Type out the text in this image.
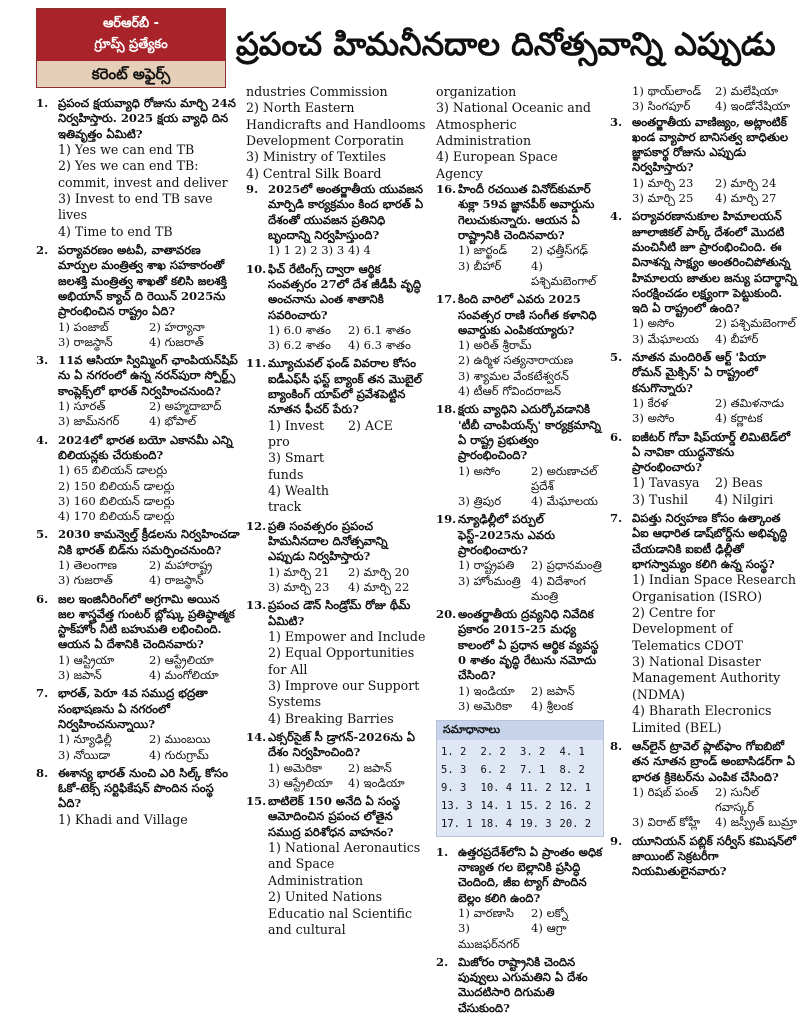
ఆర్‌ఆర్‌బీ -
గ్రూప్స్ ప్రత్యేకం
కరెంట్ అఫైర్స్
ప్రపంచ హిమనీనదాల దినోత్సవాన్ని ఎప్పుడు
1. ప్రపంచ క్షయవ్యాధి రోజును మార్చి 24న నిర్వహిస్తారు. 2025 క్షయ వ్యాధి దిన ఇతివృత్తం ఏమిటి?
1) Yes we can end TB
2) Yes we can end TB: commit, invest and deliver
3) Invest to end TB save lives
4) Time to end TB
2. పర్యావరణం అటవీ, వాతావరణ మార్పుల మంత్రిత్వ శాఖ సహకారంతో జలశక్తి మంత్రిత్వ శాఖతో కలిసి జలశక్తి అభియాన్ క్యాచ్ ది రెయిన్ 2025ను ప్రారంభించిన రాష్ట్రం ఏది?
1) పంజాబ్	2) హర్యానా
3) రాజస్థాన్	4) గుజరాత్
3. 11వ ఆసియా స్విమ్మింగ్ ఛాంపియన్‌షిప్ ను ఏ నగరంలో ఉన్న నరన్‌పురా స్పోర్ట్స్ కాంప్లెక్స్‌లో భారత్ నిర్వహించనుంది?
1) సూరత్	2) అహ్మదాబాద్
3) జామ్‌నగర్	4) భోపాల్
4. 2024లో భారత బయో ఎకానమీ ఎన్ని బిలియన్లకు చేరుకుంది?
1) 65 బిలియన్ డాలర్లు
2) 150 బిలియన్ డాలర్లు
3) 160 బిలియన్ డాలర్లు
4) 170 బిలియన్ డాలర్లు
5. 2030 కామన్వెల్త్ క్రీడలను నిర్వహించడా నికి భారత్ బిడ్‌ను సమర్పించనుంది?
1) తెలంగాణ	2) మహారాష్ట్ర
3) గుజరాత్	4) రాజస్థాన్
6. జల ఇంజినీరింగ్‌లో అగ్రగామి అయిన జల శాస్త్రవేత్త గుంటర్ బ్లోష్కు ప్రతిష్ఠాత్మక స్టాక్‌హోం నీటి బహుమతి లభించింది. ఆయన ఏ దేశానికి చెందినవారు?
1) ఆస్ట్రియా	2) ఆస్ట్రేలియా
3) జపాన్	4) మంగోలియా
7. భారత్, పెరూ 4వ సముద్ర భద్రతా సంభాషణను ఏ నగరంలో నిర్వహించనున్నాయి?
1) న్యూఢిల్లీ	2) ముంబయి
3) నోయిడా	4) గురుగ్రామ్
8. ఈశాన్య భారత్ నుంచి ఎరి సిల్క్ కోసం ఓకో-టెక్స్ సర్టిఫికేషన్ పొందిన సంస్థ ఏది?
1) Khadi and Village
ndustries Commission
2) North Eastern Handicrafts and Handlooms Development Corporatin
3) Ministry of Textiles
4) Central Silk Board
9. 2025లో అంతర్జాతీయ యువజన మార్పిడి కార్యక్రమం కింద భారత్ ఏ దేశంతో యువజన ప్రతినిధి బృందాన్ని నిర్వహిస్తుంది?
1) 1 2) 2 3) 3 4) 4
10. ఫిచ్ రేటింగ్స్ ద్వారా ఆర్థిక సంవత్సరం 27లో దేశ జీడీపీ వృద్ధి అంచనాను ఎంత శాతానికి సవరించారు?
1) 6.0 శాతం	2) 6.1 శాతం
3) 6.2 శాతం	4) 6.3 శాతం
11. మ్యూచువల్ ఫండ్ వివరాల కోసం ఐడీఎఫ్‌సీ ఫస్ట్ బ్యాంక్ తన మొబైల్ బ్యాంకింగ్ యాప్‌లో ప్రవేశపెట్టిన నూతన ఫీచర్ పేరు?
1) Invest pro
2) ACE
3) Smart funds
4) Wealth track
12. ప్రతి సంవత్సరం ప్రపంచ హిమనీనదాల దినోత్సవాన్ని ఎప్పుడు నిర్వహిస్తారు?
1) మార్చి 21	2) మార్చి 20
3) మార్చి 23	4) మార్చి 22
13. ప్రపంచ డౌన్ సిండ్రోమ్ రోజు థీమ్ ఏమిటి?
1) Empower and Include
2) Equal Opportunities for All
3) Improve our Support Systems
4) Breaking Barries
14. ఎక్సర్‌సైజ్ సీ డ్రాగన్-2026ను ఏ దేశం నిర్వహించింది?
1) అమెరికా	2) జపాన్
3) ఆస్ట్రేలియా	4) ఇండియా
15. బాటిలెక్ 150 అనేది ఏ సంస్థ ఆమోదించిన ప్రపంచ లోతైన సముద్ర పరిశోధన వాహనం?
1) National Aeronautics and Space Administration
2) United Nations Educatio nal Scientific and cultural
organization
3) National Oceanic and Atmospheric Administration
4) European Space Agency
16. హిందీ రచయిత వినోద్‌కుమార్ శుక్లా 59వ జ్ఞానపీఠ్ అవార్డును గెలుచుకున్నారు. ఆయన ఏ రాష్ట్రానికి చెందినవారు?
1) జార్ఖండ్	2) ఛత్తీస్‌గఢ్
3) బీహార్	4) పశ్చిమబెంగాల్
17. కింది వారిలో ఎవరు 2025 సంవత్సర రాణి సంగీత కళానిధి అవార్డుకు ఎంపికయ్యారు?
1) అరిత్ శ్రీరామ్
2) ఉర్మిళ సత్యనారాయణ
3) శ్యామల వేంకటేశ్వరన్
4) టీఆర్ గోవిందరాజన్
18. క్షయ వ్యాధిని ఎదుర్కోవడానికి 'టీబీ చాంపియన్స్' కార్యక్రమాన్ని ఏ రాష్ట్ర ప్రభుత్వం ప్రారంభించింది?
1) అసోం	2) అరుణాచల్ ప్రదేశ్
3) త్రిపుర	4) మేఘాలయ
19. న్యూఢిల్లీలో పర్పుల్ ఫెస్ట్-2025ను ఎవరు ప్రారంభించారు?
1) రాష్ట్రపతి	2) ప్రధానమంత్రి
3) హోంమంత్రి 4) విదేశాంగ మంత్రి
20. అంతర్జాతీయ ద్రవ్యనిధి నివేదిక ప్రకారం 2015-25 మధ్య కాలంలో ఏ ప్రధాన ఆర్థిక వ్యవస్థ 0 శాతం వృద్ధి రేటును నమోదు చేసింది?
1) ఇండియా	2) జపాన్
3) అమెరికా	4) శ్రీలంక
సమాధానాలు
1. 2	2. 2	3. 2	4. 1
5. 3	6. 2	7. 1	8. 2
9. 3	10. 4 11. 2 12. 1
13. 3 14. 1 15. 2 16. 2
17. 1 18. 4 19. 3 20. 2
1. ఉత్తరప్రదేశ్‌లోని ఏ ప్రాంతం అధిక నాణ్యత గల బెల్లానికి ప్రసిద్ధి చెందింది, జీఐ ట్యాగ్ పొందిన బెల్లం కలిగి ఉంది?
1) వారణాసి	2) లక్నో
3) ముజఫర్‌నగర్
4) ఆగ్రా
2. మిజోరం రాష్ట్రానికి చెందిన పువ్వులు ఎగుమతిని ఏ దేశం మొదటిసారి దిగుమతి చేసుకుంది?
1) థాయ్‌లాండ్	2) మలేషియా
3) సింగపూర్	4) ఇండోనేషియా
3. అంతర్జాతీయ వాణిజ్యం, అట్లాంటిక్ ఖండ వ్యాపార బానిసత్వ బాధితుల జ్ఞాపకార్థ రోజును ఎప్పుడు నిర్వహిస్తారు?
1) మార్చి 23	2) మార్చి 24
3) మార్చి 25	4) మార్చి 27
4. పర్యావరణానుకూల హిమాలయన్ జూలాజికల్ పార్క్ దేశంలో మొదటి మంచినీటి జూ ప్రారంభించింది. ఈ వినాశన్న సాక్ష్యం అంతరించిపోతున్న హిమాలయ జాతుల జన్యు పదార్థాన్ని సంరక్షించడం లక్ష్యంగా పెట్టుకుంది. ఇది ఏ రాష్ట్రంలో ఉంది?
1) అసోం	2) పశ్చిమబెంగాల్
3) మేఘాలయ	4) బీహార్
5. నూతన మందిరిత్ ఆర్ట్ 'పియా రోమన్ మైక్సిన్' ఏ రాష్ట్రంలో కనుగొన్నారు?
1) కేరళ	2) తమిళనాడు
3) అసోం	4) కర్ణాటక
6. ఐజీటర్ గోవా షిప్‌యార్డ్ లిమిటెడ్‌లో ఏ నావికా యుద్ధనౌకను ప్రారంభించారు?
1) Tavasya	2) Beas
3) Tushil	4) Nilgiri
7. విపత్తు నిర్వహణ కోసం ఉత్కాంత ఏఐ ఆధారిత డాష్‌బోర్డ్‌ను అభివృద్ధి చేయడానికి ఐఐటీ ఢిల్లీతో భాగస్వామ్యం కలిగి ఉన్న సంస్థ?
1) Indian Space Research Organisation (ISRO)
2) Centre for Development of Telematics CDOT
3) National Disaster Management Authority (NDMA)
4) Bharath Elecronics Limited (BEL)
8. ఆన్‌లైన్ ట్రావెల్ ప్లాట్‌ఫాం గోఐబిబో తన నూతన బ్రాండ్ అంబాసిడర్‌గా ఏ భారత క్రికెటర్‌ను ఎంపిక చేసింది?
1) రిషబ్ పంత్	2) సునీల్ గవాస్కర్
3) విరాట్ కోహ్లీ	4) జస్ప్రీత్ బుమ్రా
9. యూనియన్ పబ్లిక్ సర్వీస్ కమిషన్‌లో జాయింట్ సెక్రటరీగా నియమితులైనవారు?
